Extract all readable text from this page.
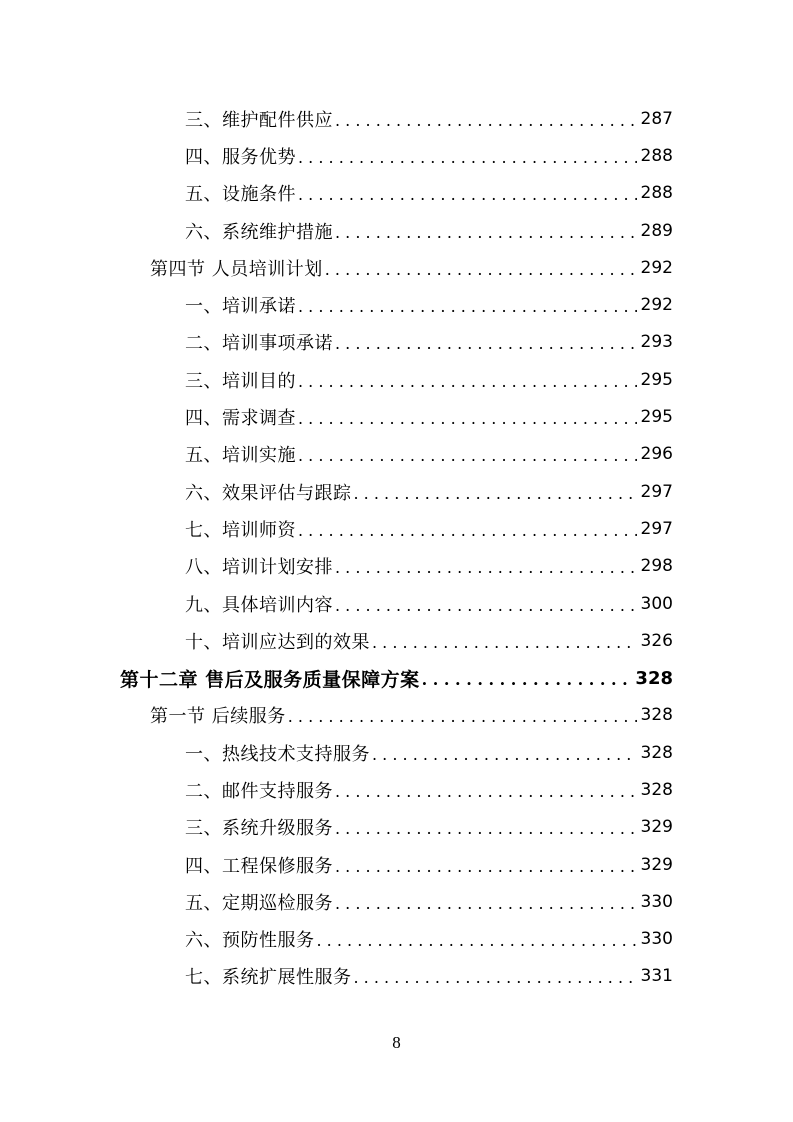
三、维护配件供应 . . .	287
四、服务优势 . . .	288
五、设施条件 . . .	288
六、系统维护措施 . . .	289
第四节 人员培训计划 . . .	292
一、培训承诺 . . .	292
二、培训事项承诺 . . .	293
三、培训目的 . . .	295
四、需求调查 . . .	295
五、培训实施 . . .	296
六、效果评估与跟踪 . . .	297
七、培训师资 . . .	297
八、培训计划安排 . . .	298
九、具体培训内容 . . .	300
十、培训应达到的效果 . . .	326
第十二章 售后及服务质量保障方案 . . .	328
第一节 后续服务 . . .	328
一、热线技术支持服务 . . .	328
二、邮件支持服务 . . .	328
三、系统升级服务 . . .	329
四、工程保修服务 . . .	329
五、定期巡检服务 . . .	330
六、预防性服务 . . .	330
七、系统扩展性服务 . . .	331
8
